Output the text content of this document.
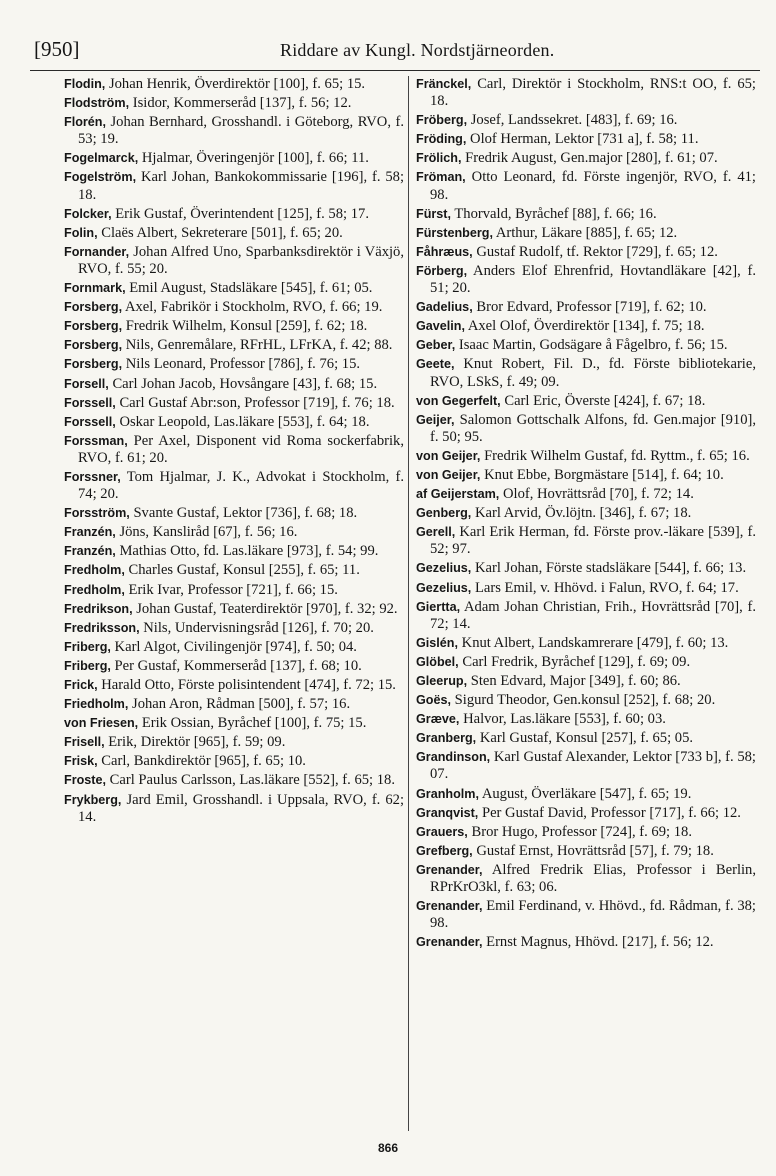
[950]	Riddare av Kungl. Nordstjärneorden.
Flodin, Johan Henrik, Överdirektör [100], f. 65; 15.
Flodström, Isidor, Kommerseråd [137], f. 56; 12.
Florén, Johan Bernhard, Grosshandl. i Göteborg, RVO, f. 53; 19.
Fogelmarck, Hjalmar, Överingenjör [100], f. 66; 11.
Fogelström, Karl Johan, Bankokommissarie [196], f. 58; 18.
Folcker, Erik Gustaf, Överintendent [125], f. 58; 17.
Folin, Claës Albert, Sekreterare [501], f. 65; 20.
Fornander, Johan Alfred Uno, Sparbanksdirektör i Växjö, RVO, f. 55; 20.
Fornmark, Emil August, Stadsläkare [545], f. 61; 05.
Forsberg, Axel, Fabrikör i Stockholm, RVO, f. 66; 19.
Forsberg, Fredrik Wilhelm, Konsul [259], f. 62; 18.
Forsberg, Nils, Genremålare, RFrHL, LFrKA, f. 42; 88.
Forsberg, Nils Leonard, Professor [786], f. 76; 15.
Forsell, Carl Johan Jacob, Hovsångare [43], f. 68; 15.
Forssell, Carl Gustaf Abr:son, Professor [719], f. 76; 18.
Forssell, Oskar Leopold, Las.läkare [553], f. 64; 18.
Forssman, Per Axel, Disponent vid Roma sockerfabrik, RVO, f. 61; 20.
Forssner, Tom Hjalmar, J. K., Advokat i Stockholm, f. 74; 20.
Forsström, Svante Gustaf, Lektor [736], f. 68; 18.
Franzén, Jöns, Kansliråd [67], f. 56; 16.
Franzén, Mathias Otto, fd. Las.läkare [973], f. 54; 99.
Fredholm, Charles Gustaf, Konsul [255], f. 65; 11.
Fredholm, Erik Ivar, Professor [721], f. 66; 15.
Fredrikson, Johan Gustaf, Teaterdirektör [970], f. 32; 92.
Fredriksson, Nils, Undervisningsråd [126], f. 70; 20.
Friberg, Karl Algot, Civilingenjör [974], f. 50; 04.
Friberg, Per Gustaf, Kommerseråd [137], f. 68; 10.
Frick, Harald Otto, Förste polisintendent [474], f. 72; 15.
Friedholm, Johan Aron, Rådman [500], f. 57; 16.
von Friesen, Erik Ossian, Byråchef [100], f. 75; 15.
Frisell, Erik, Direktör [965], f. 59; 09.
Frisk, Carl, Bankdirektör [965], f. 65; 10.
Froste, Carl Paulus Carlsson, Las.läkare [552], f. 65; 18.
Frykberg, Jard Emil, Grosshandl. i Uppsala, RVO, f. 62; 14.
Fränckel, Carl, Direktör i Stockholm, RNS:t OO, f. 65; 18.
Fröberg, Josef, Landssekret. [483], f. 69; 16.
Fröding, Olof Herman, Lektor [731 a], f. 58; 11.
Frölich, Fredrik August, Gen.major [280], f. 61; 07.
Fröman, Otto Leonard, fd. Förste ingenjör, RVO, f. 41; 98.
Fürst, Thorvald, Byråchef [88], f. 66; 16.
Fürstenberg, Arthur, Läkare [885], f. 65; 12.
Fåhræus, Gustaf Rudolf, tf. Rektor [729], f. 65; 12.
Förberg, Anders Elof Ehrenfrid, Hovtandläkare [42], f. 51; 20.
Gadelius, Bror Edvard, Professor [719], f. 62; 10.
Gavelin, Axel Olof, Överdirektör [134], f. 75; 18.
Geber, Isaac Martin, Godsägare å Fågelbro, f. 56; 15.
Geete, Knut Robert, Fil. D., fd. Förste bibliotekarie, RVO, LSkS, f. 49; 09.
von Gegerfelt, Carl Eric, Överste [424], f. 67; 18.
Geijer, Salomon Gottschalk Alfons, fd. Gen.major [910], f. 50; 95.
von Geijer, Fredrik Wilhelm Gustaf, fd. Ryttm., f. 65; 16.
von Geijer, Knut Ebbe, Borgmästare [514], f. 64; 10.
af Geijerstam, Olof, Hovrättsråd [70], f. 72; 14.
Genberg, Karl Arvid, Öv.löjtn. [346], f. 67; 18.
Gerell, Karl Erik Herman, fd. Förste prov.-läkare [539], f. 52; 97.
Gezelius, Karl Johan, Förste stadsläkare [544], f. 66; 13.
Gezelius, Lars Emil, v. Hhövd. i Falun, RVO, f. 64; 17.
Giertta, Adam Johan Christian, Frih., Hovrättsråd [70], f. 72; 14.
Gislén, Knut Albert, Landskamrerare [479], f. 60; 13.
Glöbel, Carl Fredrik, Byråchef [129], f. 69; 09.
Gleerup, Sten Edvard, Major [349], f. 60; 86.
Goës, Sigurd Theodor, Gen.konsul [252], f. 68; 20.
Græve, Halvor, Las.läkare [553], f. 60; 03.
Granberg, Karl Gustaf, Konsul [257], f. 65; 05.
Grandinson, Karl Gustaf Alexander, Lektor [733 b], f. 58; 07.
Granholm, August, Överläkare [547], f. 65; 19.
Granqvist, Per Gustaf David, Professor [717], f. 66; 12.
Grauers, Bror Hugo, Professor [724], f. 69; 18.
Grefberg, Gustaf Ernst, Hovrättsråd [57], f. 79; 18.
Grenander, Alfred Fredrik Elias, Professor i Berlin, RPrKrO3kl, f. 63; 06.
Grenander, Emil Ferdinand, v. Hhövd., fd. Rådman, f. 38; 98.
Grenander, Ernst Magnus, Hhövd. [217], f. 56; 12.
866
